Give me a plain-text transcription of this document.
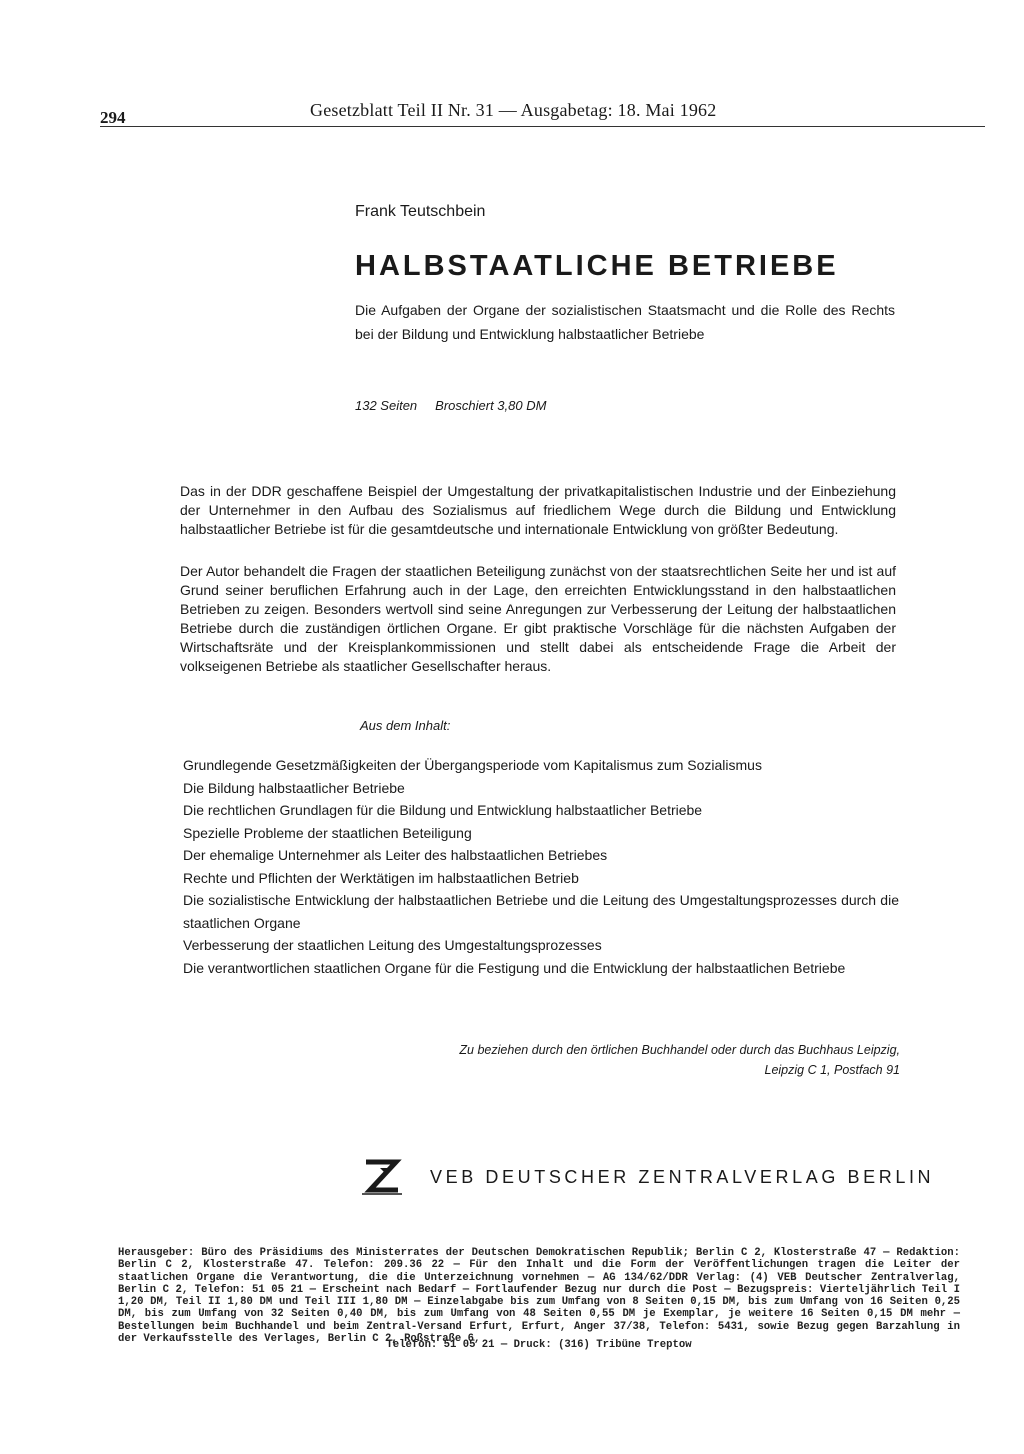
294	Gesetzblatt Teil II Nr. 31 — Ausgabetag: 18. Mai 1962
Frank Teutschbein
HALBSTAATLICHE BETRIEBE
Die Aufgaben der Organe der sozialistischen Staatsmacht und die Rolle des Rechts bei der Bildung und Entwicklung halbstaatlicher Betriebe
132 Seiten Broschiert 3,80 DM
Das in der DDR geschaffene Beispiel der Umgestaltung der privatkapitalistischen Industrie und der Einbeziehung der Unternehmer in den Aufbau des Sozialismus auf friedlichem Wege durch die Bildung und Entwicklung halbstaatlicher Betriebe ist für die gesamtdeutsche und internationale Entwicklung von größter Bedeutung.
Der Autor behandelt die Fragen der staatlichen Beteiligung zunächst von der staatsrechtlichen Seite her und ist auf Grund seiner beruflichen Erfahrung auch in der Lage, den erreichten Entwicklungsstand in den halbstaatlichen Betrieben zu zeigen. Besonders wertvoll sind seine Anregungen zur Verbesserung der Leitung der halbstaatlichen Betriebe durch die zuständigen örtlichen Organe. Er gibt praktische Vorschläge für die nächsten Aufgaben der Wirtschaftsräte und der Kreisplankommissionen und stellt dabei als entscheidende Frage die Arbeit der volkseigenen Betriebe als staatlicher Gesellschafter heraus.
Aus dem Inhalt:
Grundlegende Gesetzmäßigkeiten der Übergangsperiode vom Kapitalismus zum Sozialismus
Die Bildung halbstaatlicher Betriebe
Die rechtlichen Grundlagen für die Bildung und Entwicklung halbstaatlicher Betriebe
Spezielle Probleme der staatlichen Beteiligung
Der ehemalige Unternehmer als Leiter des halbstaatlichen Betriebes
Rechte und Pflichten der Werktätigen im halbstaatlichen Betrieb
Die sozialistische Entwicklung der halbstaatlichen Betriebe und die Leitung des Umgestaltungsprozesses durch die staatlichen Organe
Verbesserung der staatlichen Leitung des Umgestaltungsprozesses
Die verantwortlichen staatlichen Organe für die Festigung und die Entwicklung der halbstaatlichen Betriebe
Zu beziehen durch den örtlichen Buchhandel oder durch das Buchhaus Leipzig,
Leipzig C 1, Postfach 91
VEB DEUTSCHER ZENTRALVERLAG BERLIN
Herausgeber: Büro des Präsidiums des Ministerrates der Deutschen Demokratischen Republik; Berlin C 2, Klosterstraße 47 — Redaktion: Berlin C 2, Klosterstraße 47. Telefon: 209.36 22 — Für den Inhalt und die Form der Veröffentlichungen tragen die Leiter der staatlichen Organe die Verantwortung, die die Unterzeichnung vornehmen — AG 134/62/DDR Verlag: (4) VEB Deutscher Zentralverlag, Berlin C 2, Telefon: 51 05 21 — Erscheint nach Bedarf — Fortlaufender Bezug nur durch die Post — Bezugspreis: Vierteljährlich Teil I 1,20 DM, Teil II 1,80 DM und Teil III 1,80 DM — Einzelabgabe bis zum Umfang von 8 Seiten 0,15 DM, bis zum Umfang von 16 Seiten 0,25 DM, bis zum Umfang von 32 Seiten 0,40 DM, bis zum Umfang von 48 Seiten 0,55 DM je Exemplar, je weitere 16 Seiten 0,15 DM mehr — Bestellungen beim Buchhandel und beim Zentral-Versand Erfurt, Erfurt, Anger 37/38, Telefon: 5431, sowie Bezug gegen Barzahlung in der Verkaufsstelle des Verlages, Berlin C 2, Roßstraße 6,
Telefon: 51 05 21 — Druck: (316) Tribüne Treptow
